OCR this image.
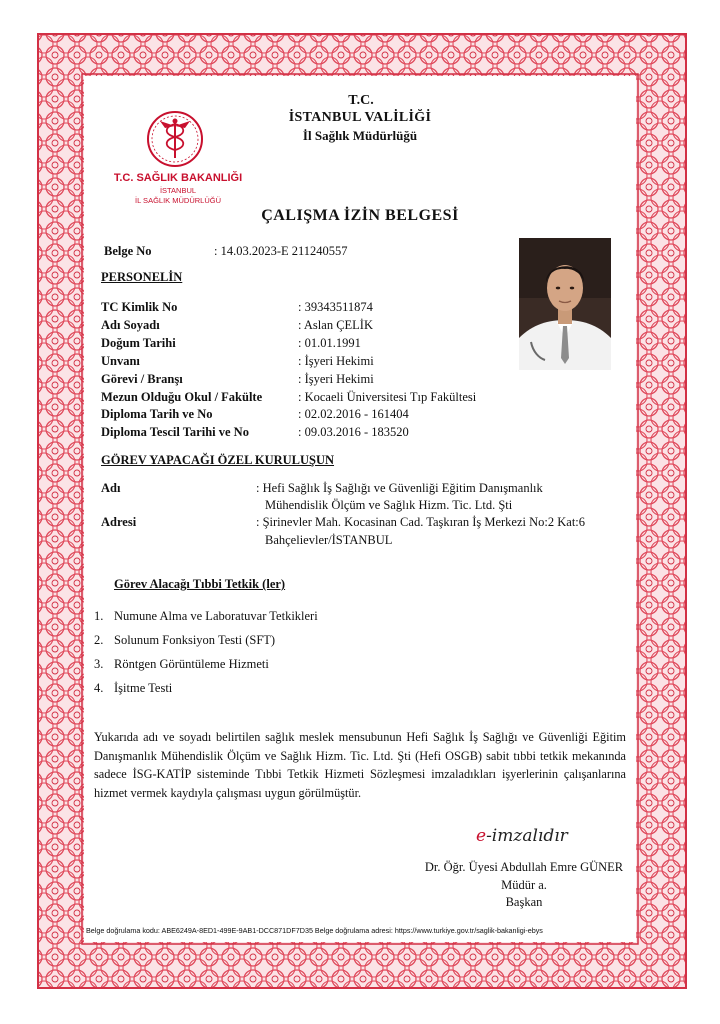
T.C.
İSTANBUL VALİLİĞİ
İl Sağlık Müdürlüğü
T.C. SAĞLIK BAKANLIĞI
İSTANBUL
İL SAĞLIK MÜDÜRLÜĞÜ
ÇALIŞMA İZİN BELGESİ
Belge No	: 14.03.2023-E 211240557
PERSONELİN
TC Kimlik No	: 39343511874
Adı Soyadı	: Aslan ÇELİK
Doğum Tarihi	: 01.01.1991
Unvanı	: İşyeri Hekimi
Görevi / Branşı	: İşyeri Hekimi
Mezun Olduğu Okul / Fakülte	: Kocaeli Üniversitesi Tıp Fakültesi
Diploma Tarih ve No	: 02.02.2016 - 161404
Diploma Tescil Tarihi ve No	: 09.03.2016 - 183520
GÖREV YAPACAĞI ÖZEL KURULUŞUN
Adı	: Hefi Sağlık İş Sağlığı ve Güvenliği Eğitim Danışmanlık
Mühendislik Ölçüm ve Sağlık Hizm. Tic. Ltd. Şti
Adresi	: Şirinevler Mah. Kocasinan Cad. Taşkıran İş Merkezi No:2 Kat:6
Bahçelievler/İSTANBUL
Görev Alacağı Tıbbi Tetkik (ler)
1. Numune Alma ve Laboratuvar Tetkikleri
2. Solunum Fonksiyon Testi (SFT)
3. Röntgen Görüntüleme Hizmeti
4. İşitme Testi
Yukarıda adı ve soyadı belirtilen sağlık meslek mensubunun Hefi Sağlık İş Sağlığı ve Güvenliği Eğitim Danışmanlık Mühendislik Ölçüm ve Sağlık Hizm. Tic. Ltd. Şti (Hefi OSGB) sabit tıbbi tetkik mekanında sadece İSG-KATİP sisteminde Tıbbi Tetkik Hizmeti Sözleşmesi imzaladıkları işyerlerinin çalışanlarına hizmet vermek kaydıyla çalışması uygun görülmüştür.
e-imzalıdır
Dr. Öğr. Üyesi Abdullah Emre GÜNER
Müdür a.
Başkan
Belge doğrulama kodu: ABE6249A-8ED1-499E-9AB1-DCC871DF7D35 Belge doğrulama adresi: https://www.turkiye.gov.tr/saglik-bakanligi-ebys
